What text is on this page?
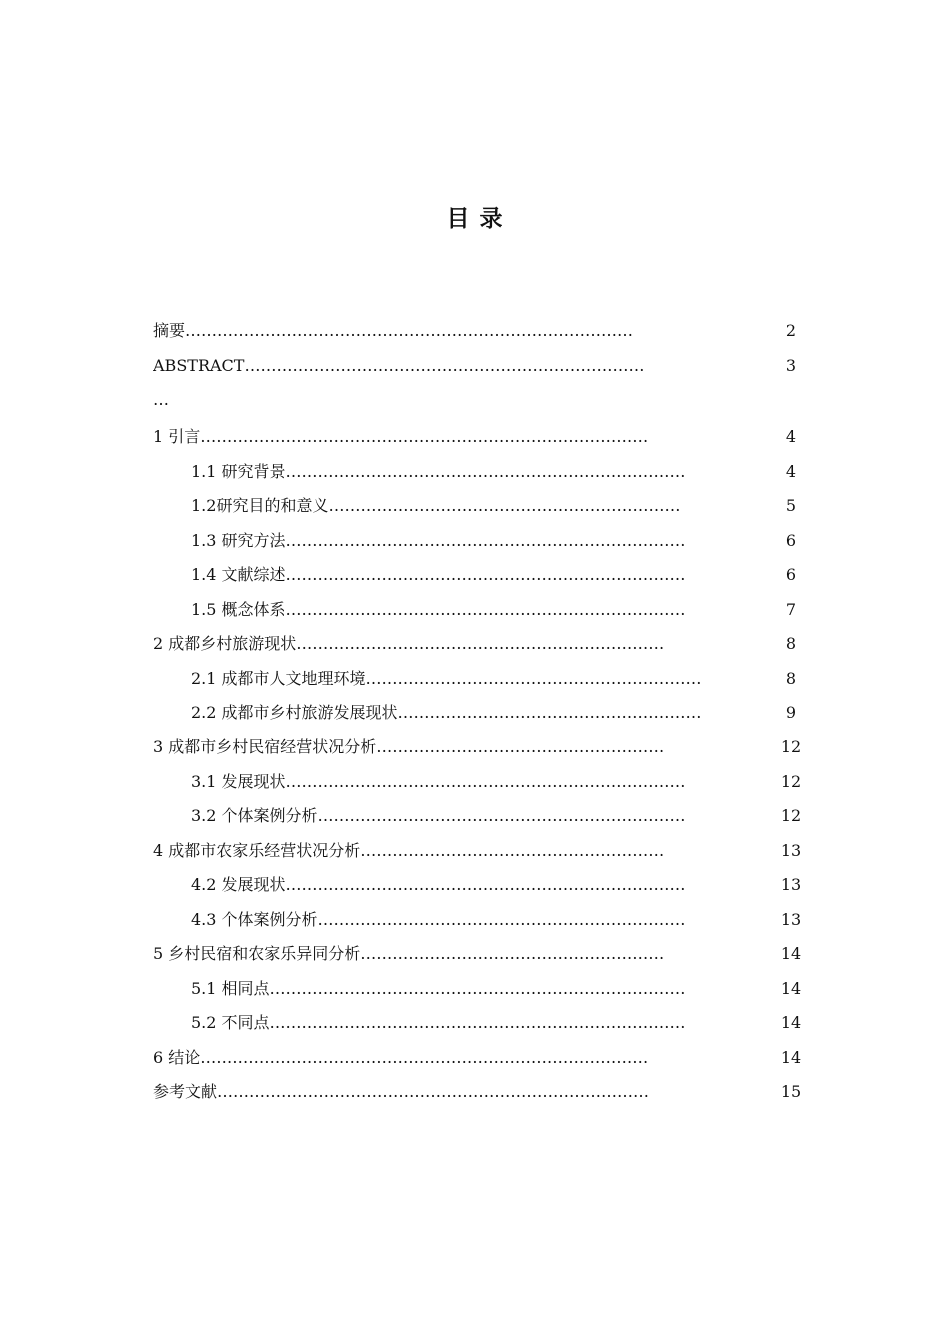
目 录
摘要…………………………………………………………………………	2
ABSTRACT…………………………………………………………………	3
…
1 引言…………………………………………………………………………	4
1.1 研究背景…………………………………………………………………	4
1.2研究目的和意义…………………………………………………………	5
1.3 研究方法…………………………………………………………………	6
1.4 文献综述…………………………………………………………………	6
1.5 概念体系…………………………………………………………………	7
2 成都乡村旅游现状……………………………………………………………	8
2.1 成都市人文地理环境………………………………………………………	8
2.2 成都市乡村旅游发展现状…………………………………………………	9
3 成都市乡村民宿经营状况分析………………………………………………	12
3.1 发展现状…………………………………………………………………	12
3.2 个体案例分析……………………………………………………………	12
4 成都市农家乐经营状况分析…………………………………………………	13
4.2 发展现状…………………………………………………………………	13
4.3 个体案例分析……………………………………………………………	13
5 乡村民宿和农家乐异同分析…………………………………………………	14
5.1 相同点……………………………………………………………………	14
5.2 不同点……………………………………………………………………	14
6 结论…………………………………………………………………………	14
参考文献………………………………………………………………………	15
